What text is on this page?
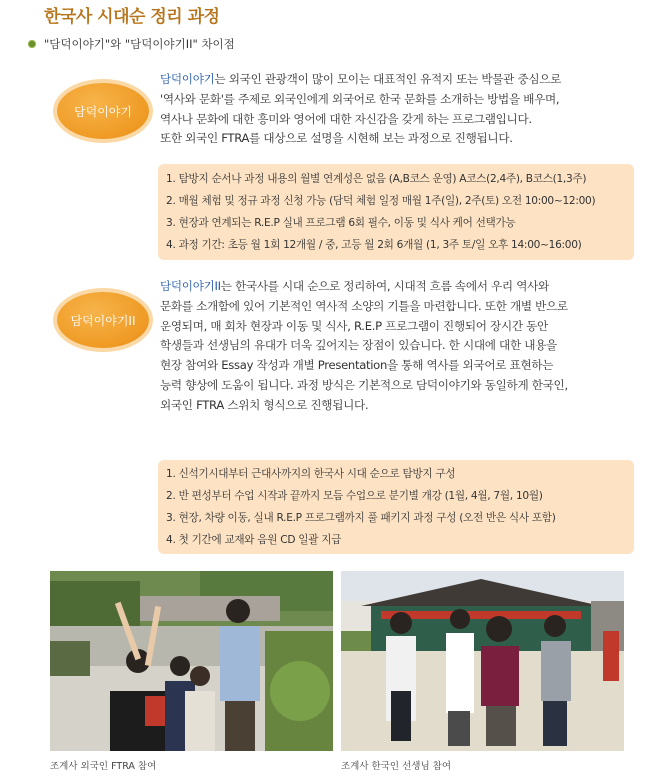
한국사 시대순 정리 과정
"담덕이야기"와 "담덕이야기II" 차이점
담덕이야기
담덕이야기는 외국인 관광객이 많이 모이는 대표적인 유적지 또는 박물관 중심으로
'역사와 문화'를 주제로 외국인에게 외국어로 한국 문화를 소개하는 방법을 배우며,
역사나 문화에 대한 흥미와 영어에 대한 자신감을 갖게 하는 프로그램입니다.
또한 외국인 FTRA를 대상으로 설명을 시현해 보는 과정으로 진행됩니다.
1. 탐방지 순서나 과정 내용의 월별 연계성은 없음 (A,B코스 운영) A코스(2,4주), B코스(1,3주)
2. 매월 체험 및 정규 과정 신청 가능 (담덕 체험 일정 매월 1주(일), 2주(토) 오전 10:00~12:00)
3. 현장과 연계되는 R.E.P 실내 프로그램 6회 필수, 이동 및 식사 케어 선택가능
4. 과정 기간: 초등 월 1회 12개월 / 중, 고등 월 2회 6개월 (1, 3주 토/일 오후 14:00~16:00)
담덕이야기II
담덕이야기II는 한국사를 시대 순으로 정리하여, 시대적 흐름 속에서 우리 역사와
문화를 소개함에 있어 기본적인 역사적 소양의 기틀을 마련합니다. 또한 개별 반으로
운영되며, 매 회차 현장과 이동 및 식사, R.E.P 프로그램이 진행되어 장시간 동안
학생들과 선생님의 유대가 더욱 깊어지는 장점이 있습니다. 한 시대에 대한 내용을
현장 참여와 Essay 작성과 개별 Presentation을 통해 역사를 외국어로 표현하는
능력 향상에 도움이 됩니다. 과정 방식은 기본적으로 담덕이야기와 동일하게 한국인,
외국인 FTRA 스위치 형식으로 진행됩니다.
1. 신석기시대부터 근대사까지의 한국사 시대 순으로 탐방지 구성
2. 반 편성부터 수업 시작과 끝까지 모듬 수업으로 분기별 개강 (1월, 4월, 7월, 10월)
3. 현장, 차량 이동, 실내 R.E.P 프로그램까지 풀 패키지 과정 구성 (오전 반은 식사 포함)
4. 첫 기간에 교재와 음원 CD 일괄 지급
조계사 외국인 FTRA 참여	조계사 한국인 선생님 참여
